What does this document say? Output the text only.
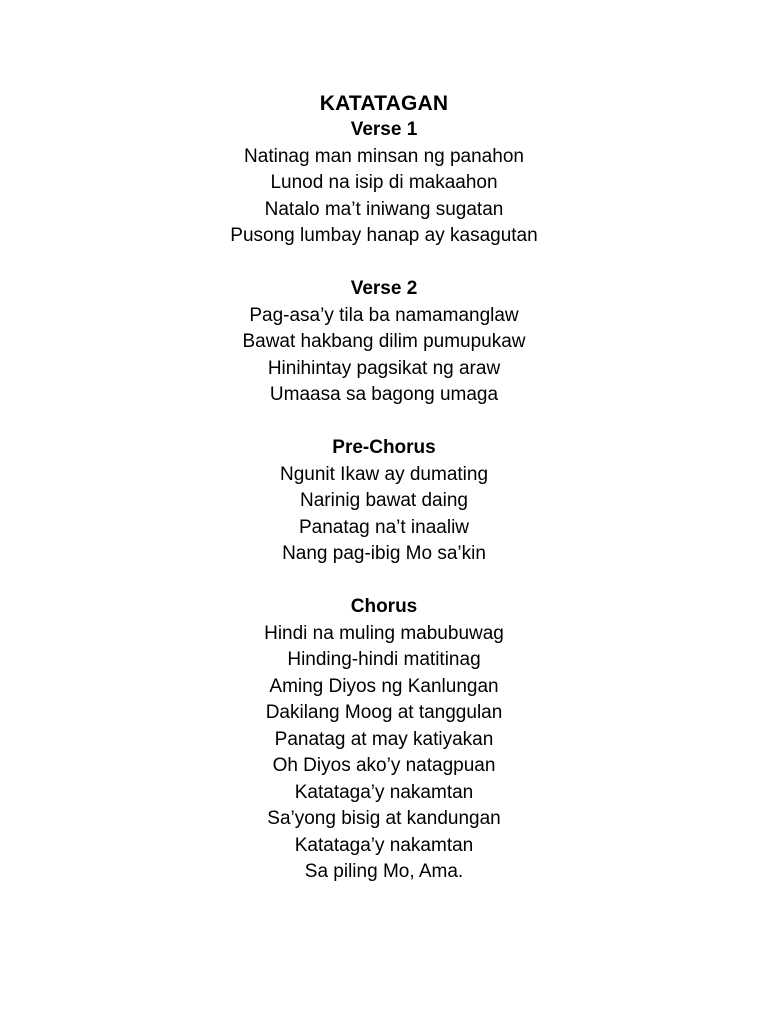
KATATAGAN

Verse 1

Natinag man minsan ng panahon

Lunod na isip di makaahon

Natalo ma’t iniwang sugatan

Pusong lumbay hanap ay kasagutan

Verse 2

Pag-asa’y tila ba namamanglaw

Bawat hakbang dilim pumupukaw

Hinihintay pagsikat ng araw

Umaasa sa bagong umaga

Pre-Chorus

Ngunit Ikaw ay dumating

Narinig bawat daing

Panatag na’t inaaliw

Nang pag-ibig Mo sa’kin

Chorus

Hindi na muling mabubuwag

Hinding-hindi matitinag

Aming Diyos ng Kanlungan

Dakilang Moog at tanggulan

Panatag at may katiyakan

Oh Diyos ako’y natagpuan

Katataga’y nakamtan

Sa’yong bisig at kandungan

Katataga’y nakamtan

Sa piling Mo, Ama.
